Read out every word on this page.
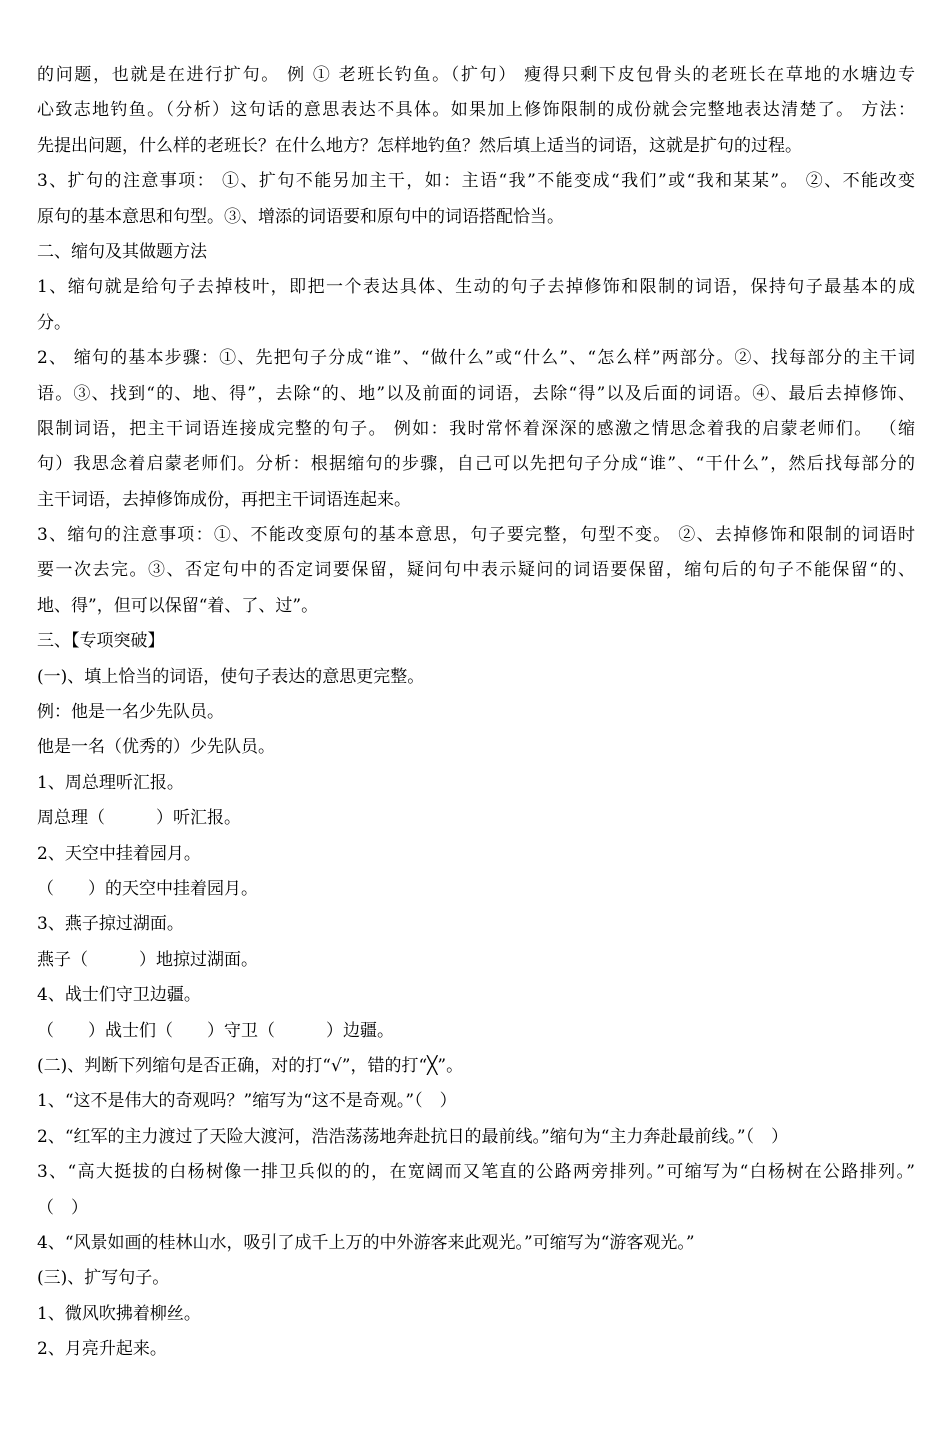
的问题，也就是在进行扩句。 例 ① 老班长钓鱼。（扩句） 瘦得只剩下皮包骨头的老班长在草地的水塘边专
心致志地钓鱼。（分析）这句话的意思表达不具体。如果加上修饰限制的成份就会完整地表达清楚了。 方法：
先提出问题，什么样的老班长？在什么地方？怎样地钓鱼？然后填上适当的词语，这就是扩句的过程。
3、扩句的注意事项： ①、扩句不能另加主干，如：主语“我”不能变成“我们”或“我和某某”。 ②、不能改变
原句的基本意思和句型。③、增添的词语要和原句中的词语搭配恰当。
二、缩句及其做题方法
1、缩句就是给句子去掉枝叶，即把一个表达具体、生动的句子去掉修饰和限制的词语，保持句子最基本的成
分。
2、 缩句的基本步骤：①、先把句子分成“谁”、“做什么”或“什么”、“怎么样”两部分。②、找每部分的主干词
语。③、找到“的、地、得”，去除“的、地”以及前面的词语，去除“得”以及后面的词语。④、最后去掉修饰、
限制词语，把主干词语连接成完整的句子。 例如：我时常怀着深深的感激之情思念着我的启蒙老师们。 （缩
句）我思念着启蒙老师们。分析：根据缩句的步骤，自己可以先把句子分成“谁”、“干什么”，然后找每部分的
主干词语，去掉修饰成份，再把主干词语连起来。
3、缩句的注意事项：①、不能改变原句的基本意思，句子要完整，句型不变。 ②、去掉修饰和限制的词语时
要一次去完。③、否定句中的否定词要保留，疑问句中表示疑问的词语要保留，缩句后的句子不能保留“的、
地、得”，但可以保留“着、了、过”。
三、【专项突破】
(一)、填上恰当的词语，使句子表达的意思更完整。
例：他是一名少先队员。
他是一名（优秀的）少先队员。
1、周总理听汇报。
周总理（　　　）听汇报。
2、天空中挂着园月。
（　　）的天空中挂着园月。
3、燕子掠过湖面。
燕子（　　　）地掠过湖面。
4、战士们守卫边疆。
（　　）战士们（　　）守卫（　　　）边疆。
(二)、判断下列缩句是否正确，对的打“√”，错的打“╳”。
1、“这不是伟大的奇观吗？”缩写为“这不是奇观。”（　）
2、“红军的主力渡过了天险大渡河，浩浩荡荡地奔赴抗日的最前线。”缩句为“主力奔赴最前线。”（　）
3、“高大挺拔的白杨树像一排卫兵似的的，在宽阔而又笔直的公路两旁排列。”可缩写为“白杨树在公路排列。”
（　）
4、“风景如画的桂林山水，吸引了成千上万的中外游客来此观光。”可缩写为“游客观光。”
(三)、扩写句子。
1、微风吹拂着柳丝。
2、月亮升起来。
